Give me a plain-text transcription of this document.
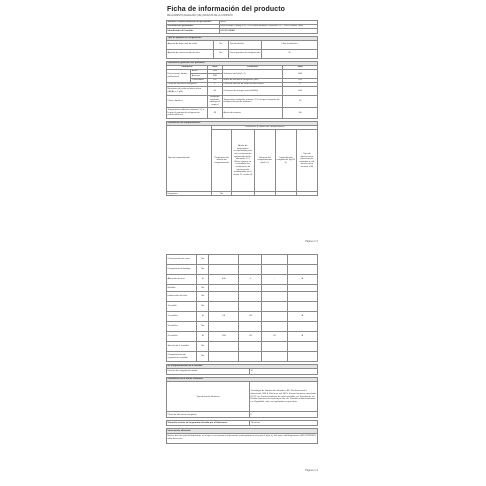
Ficha de información del producto
REGLAMENTO DELEGADO (UE) 2019/2016 DE LA COMISIÓN
Nombre o marca comercial del proveedor:	Haier
Dirección del proveedor:	Haier Europe Trading S.r.l., Via Privata Eduardo Chiossone, 20 – 20161 Milano, Italia
Identificador del modelo:	HB26FSNAAA
Tipo de aparato de refrigeración:			
Aparato de bajo nivel de ruido:	No	Tipo de diseño:	Libre instalación
Aparato de conservación de vino:	No	Otros aparatos de refrigeración:	Sí
Parámetros generales del producto:				
Parámetro		Valor	Parámetro	Valor
Dimensiones totales (milímetros)	Altura	1905	Volumen total (dm³ o l)	640
	Anchura	908		
	Profundidad	762	Índice de eficiencia energética (IEE)	100
Clase de eficiencia energética		F	Clase de emisión de ruido acústico aéreo	C
Emisiones de ruido acústico aéreo (dB(A) re 1 pW)		40	Consumo de energía anual (kWh/a)	432
Clase climática:		templado ampliado, subtropical, tropical	Temperatura ambiente mínima (°C) a la que el aparato de refrigeración puede utilizarse	10
Temperatura ambiente máxima (°C) a la que el aparato de refrigeración puede utilizarse		43	Ajuste de invierno	No
Parámetros del compartimento:					
Tipo de compartimento	Parámetros y valores del compartimento				
	Parámetros de diseño del compartimento	Ajuste de temperatura recomendado para una conservación optimizada de los alimentos (°C) (Estos ajustes no contradirán las condiciones de conservación establecidas en el anexo IV, cuadro 3)	Volumen del compartimento (dm³ o l)	Capacidad de congelación (kg/24 h)	Tipo de desescarche (desescarche automático = A, desescarche manual = M)
Despensa	No				
Página 1 / 2
Conservación de vinos	No				
Compartimento bodega	No				
Alimentos frescos	Sí	430	4	-	A
Helados	No				
Fabricación de hielo	No				
1 estrella	No				
2 estrellas	Sí	56	-18		A
3 estrellas	No				
4 estrellas	Sí	184	-18	18	A
Sección de 2 estrellas	No				
Compartimento de temperatura variable	No				
En compartimentos de 4 estrellas
Función de congelación rápida	Sí
Parámetros de la fuente luminosa:	
Tipo de fuente luminosa	Tecnología de iluminación utilizada: LED. No direccional o direccional: NDLS. Red o no red: MLS. Fuente luminosa conectada (FLC): no. Fuente luminosa de color ajustable: no. Envolvente: no. Fuente luminosa de luminancia alta: no. Pantalla antideslumbrante: no. Regulable: solo con reguladores específicos.
Clase de eficiencia energética	F
Duración mínima de la garantía ofrecida por el fabricante:	24 meses
Información adicional:
Enlace del sitio web del fabricante, en el que se encuentra la información contemplada en el punto 4, letra a), del anexo del Reglamento (UE) 2019/2019: www.haier.com
Página 2 / 2
